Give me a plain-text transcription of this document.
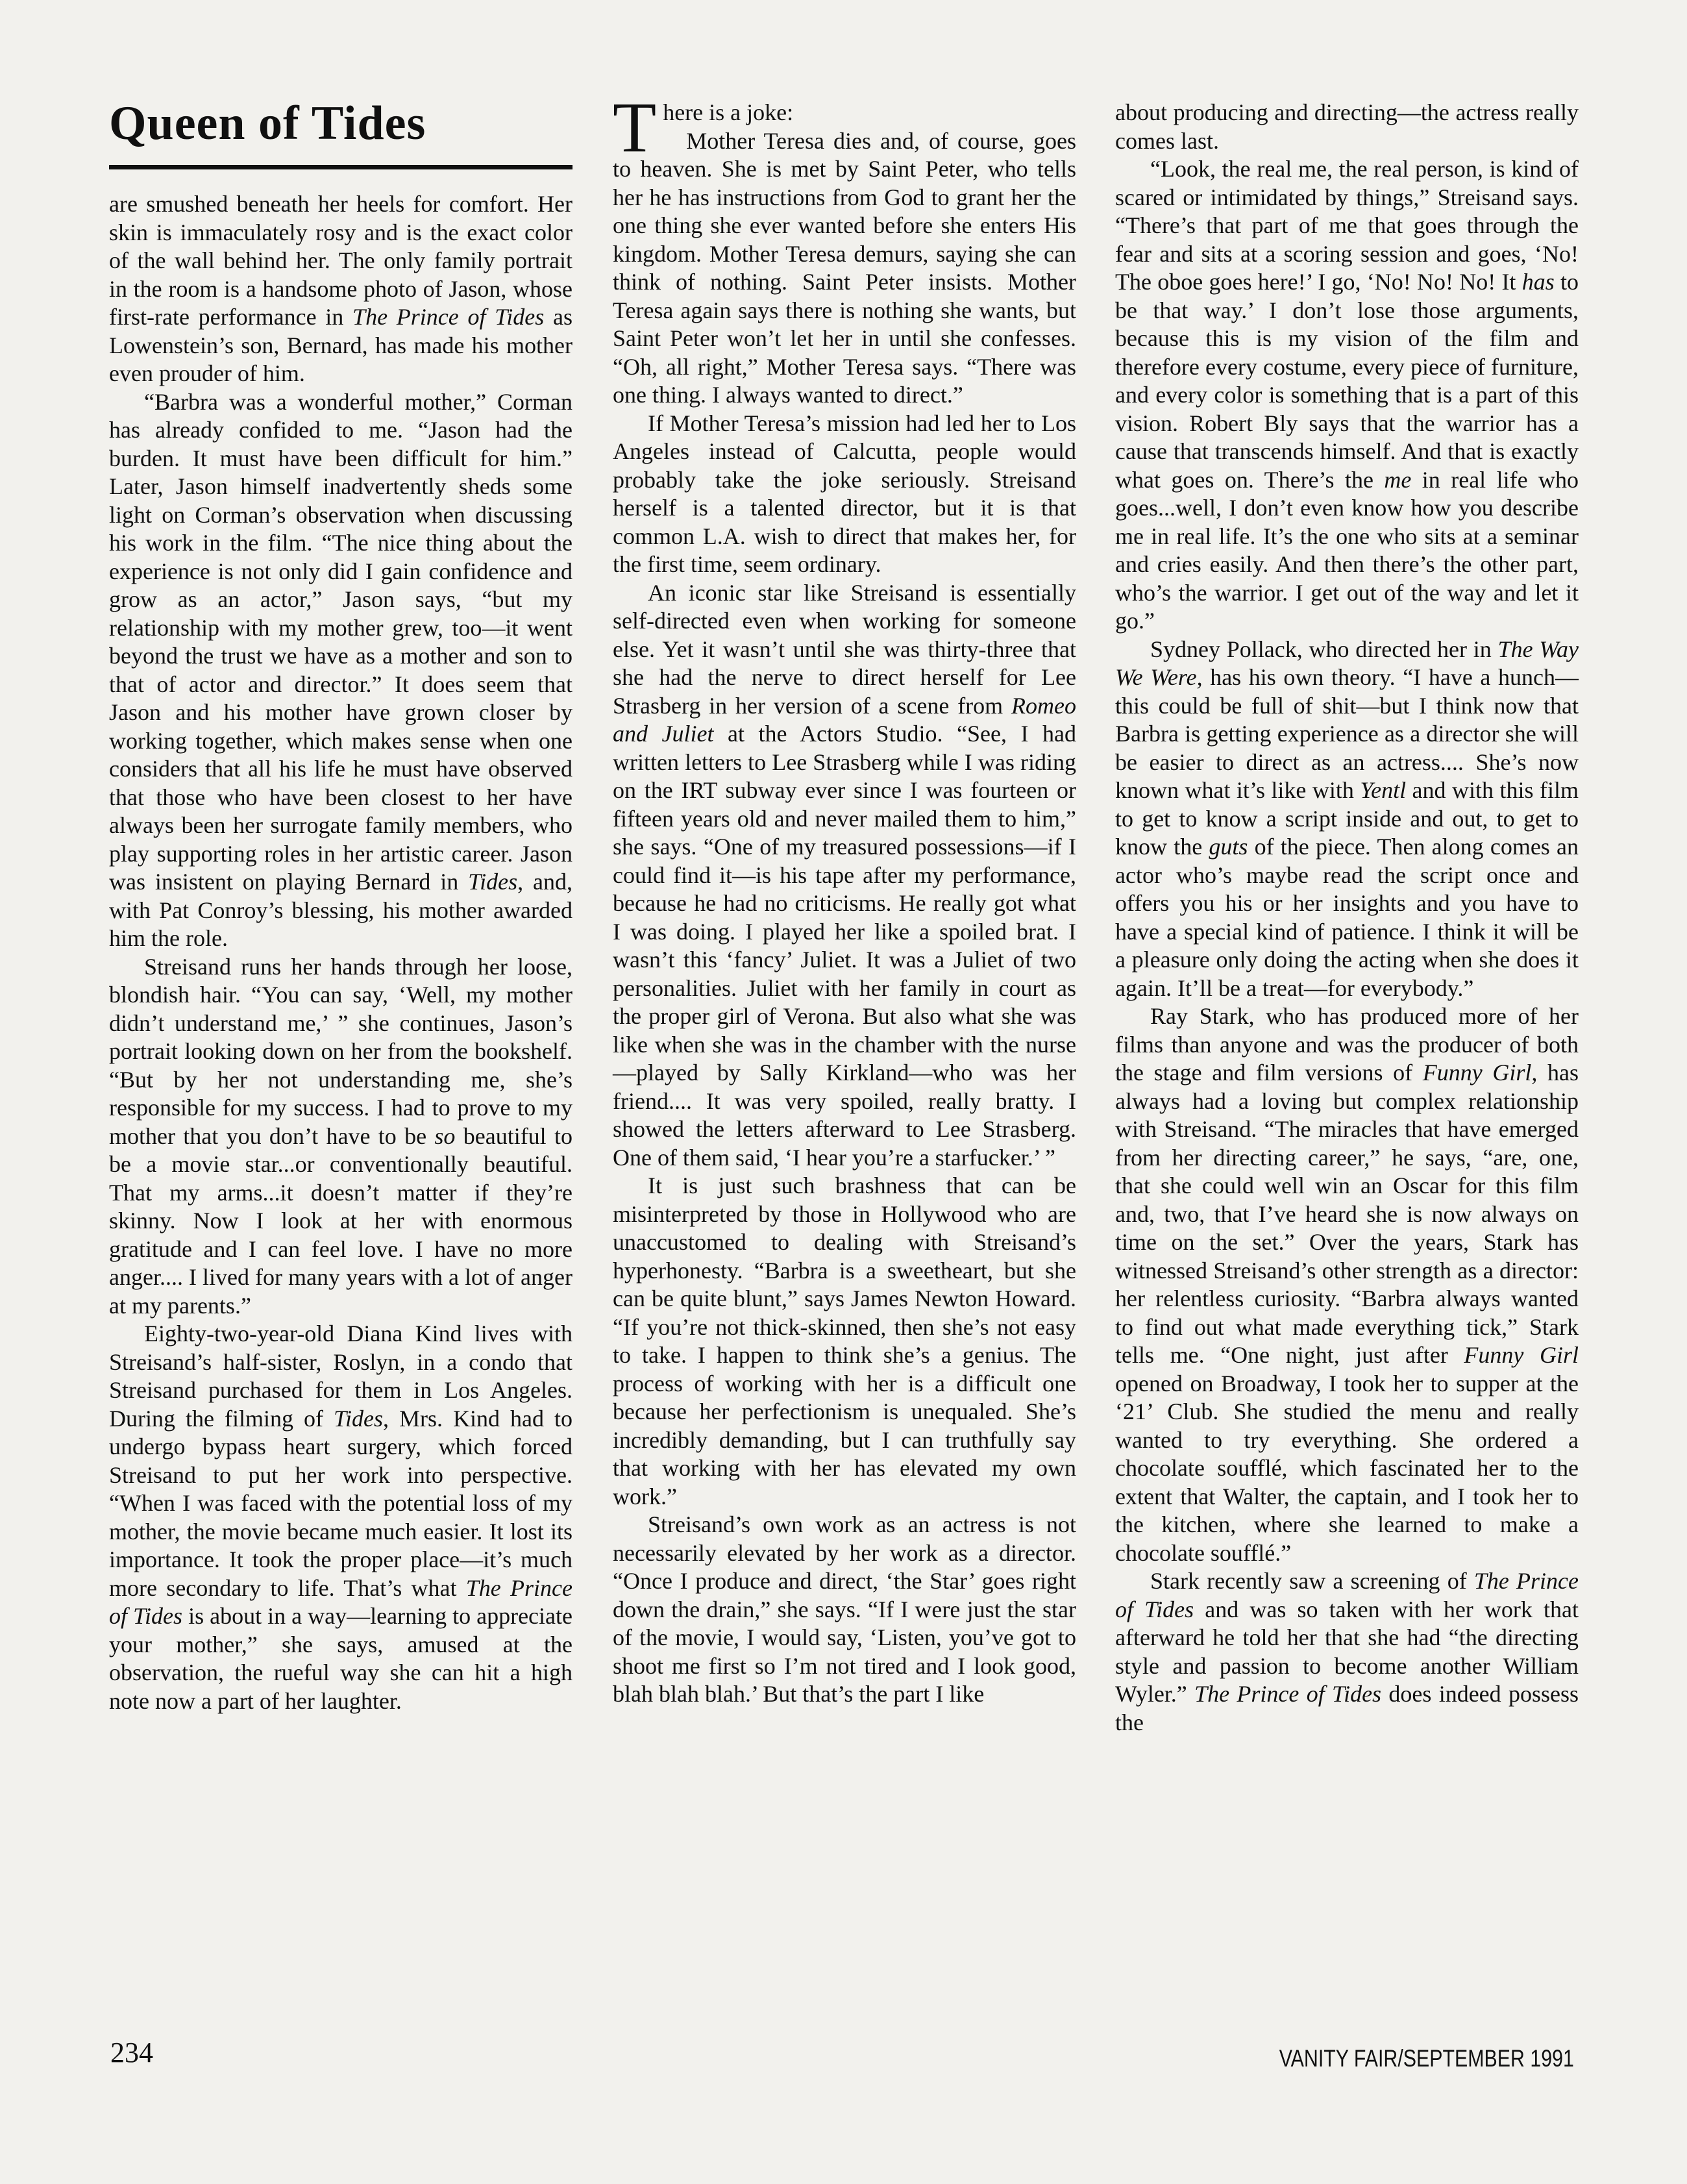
Queen of Tides

are smushed beneath her heels for comfort. Her skin is immaculately rosy and is the exact color of the wall behind her. The only family portrait in the room is a handsome photo of Jason, whose first-rate performance in The Prince of Tides as Lowenstein’s son, Bernard, has made his mother even prouder of him.

“Barbra was a wonderful mother,” Corman has already confided to me. “Jason had the burden. It must have been difficult for him.” Later, Jason himself inadvertently sheds some light on Corman’s observation when discussing his work in the film. “The nice thing about the experience is not only did I gain confidence and grow as an actor,” Jason says, “but my relationship with my mother grew, too—it went beyond the trust we have as a mother and son to that of actor and director.” It does seem that Jason and his mother have grown closer by working together, which makes sense when one considers that all his life he must have observed that those who have been closest to her have always been her surrogate family members, who play supporting roles in her artistic career. Jason was insistent on playing Bernard in Tides, and, with Pat Conroy’s blessing, his mother awarded him the role.

Streisand runs her hands through her loose, blondish hair. “You can say, ‘Well, my mother didn’t understand me,’ ” she continues, Jason’s portrait looking down on her from the bookshelf. “But by her not understanding me, she’s responsible for my success. I had to prove to my mother that you don’t have to be so beautiful to be a movie star...or conventionally beautiful. That my arms...it doesn’t matter if they’re skinny. Now I look at her with enormous gratitude and I can feel love. I have no more anger.... I lived for many years with a lot of anger at my parents.”

Eighty-two-year-old Diana Kind lives with Streisand’s half-sister, Roslyn, in a condo that Streisand purchased for them in Los Angeles. During the filming of Tides, Mrs. Kind had to undergo bypass heart surgery, which forced Streisand to put her work into perspective. “When I was faced with the potential loss of my mother, the movie became much easier. It lost its importance. It took the proper place—it’s much more secondary to life. That’s what The Prince of Tides is about in a way—learning to appreciate your mother,” she says, amused at the observation, the rueful way she can hit a high note now a part of her laughter.

There is a joke:
 Mother Teresa dies and, of course, goes to heaven. She is met by Saint Peter, who tells her he has instructions from God to grant her the one thing she ever wanted before she enters His kingdom. Mother Teresa demurs, saying she can think of nothing. Saint Peter insists. Mother Teresa again says there is nothing she wants, but Saint Peter won’t let her in until she confesses. “Oh, all right,” Mother Teresa says. “There was one thing. I always wanted to direct.”

If Mother Teresa’s mission had led her to Los Angeles instead of Calcutta, people would probably take the joke seriously. Streisand herself is a talented director, but it is that common L.A. wish to direct that makes her, for the first time, seem ordinary.

An iconic star like Streisand is essentially self-directed even when working for someone else. Yet it wasn’t until she was thirty-three that she had the nerve to direct herself for Lee Strasberg in her version of a scene from Romeo and Juliet at the Actors Studio. “See, I had written letters to Lee Strasberg while I was riding on the IRT subway ever since I was fourteen or fifteen years old and never mailed them to him,” she says. “One of my treasured possessions—if I could find it—is his tape after my performance, because he had no criticisms. He really got what I was doing. I played her like a spoiled brat. I wasn’t this ‘fancy’ Juliet. It was a Juliet of two personalities. Juliet with her family in court as the proper girl of Verona. But also what she was like when she was in the chamber with the nurse—played by Sally Kirkland—who was her friend.... It was very spoiled, really bratty. I showed the letters afterward to Lee Strasberg. One of them said, ‘I hear you’re a starfucker.’ ”

It is just such brashness that can be misinterpreted by those in Hollywood who are unaccustomed to dealing with Streisand’s hyperhonesty. “Barbra is a sweetheart, but she can be quite blunt,” says James Newton Howard. “If you’re not thick-skinned, then she’s not easy to take. I happen to think she’s a genius. The process of working with her is a difficult one because her perfectionism is unequaled. She’s incredibly demanding, but I can truthfully say that working with her has elevated my own work.”

Streisand’s own work as an actress is not necessarily elevated by her work as a director. “Once I produce and direct, ‘the Star’ goes right down the drain,” she says. “If I were just the star of the movie, I would say, ‘Listen, you’ve got to shoot me first so I’m not tired and I look good, blah blah blah.’ But that’s the part I like

about producing and directing—the actress really comes last.

“Look, the real me, the real person, is kind of scared or intimidated by things,” Streisand says. “There’s that part of me that goes through the fear and sits at a scoring session and goes, ‘No! The oboe goes here!’ I go, ‘No! No! No! It has to be that way.’ I don’t lose those arguments, because this is my vision of the film and therefore every costume, every piece of furniture, and every color is something that is a part of this vision. Robert Bly says that the warrior has a cause that transcends himself. And that is exactly what goes on. There’s the me in real life who goes...well, I don’t even know how you describe me in real life. It’s the one who sits at a seminar and cries easily. And then there’s the other part, who’s the warrior. I get out of the way and let it go.”

Sydney Pollack, who directed her in The Way We Were, has his own theory. “I have a hunch—this could be full of shit—but I think now that Barbra is getting experience as a director she will be easier to direct as an actress.... She’s now known what it’s like with Yentl and with this film to get to know a script inside and out, to get to know the guts of the piece. Then along comes an actor who’s maybe read the script once and offers you his or her insights and you have to have a special kind of patience. I think it will be a pleasure only doing the acting when she does it again. It’ll be a treat—for everybody.”

Ray Stark, who has produced more of her films than anyone and was the producer of both the stage and film versions of Funny Girl, has always had a loving but complex relationship with Streisand. “The miracles that have emerged from her directing career,” he says, “are, one, that she could well win an Oscar for this film and, two, that I’ve heard she is now always on time on the set.” Over the years, Stark has witnessed Streisand’s other strength as a director: her relentless curiosity. “Barbra always wanted to find out what made everything tick,” Stark tells me. “One night, just after Funny Girl opened on Broadway, I took her to supper at the ‘21’ Club. She studied the menu and really wanted to try everything. She ordered a chocolate soufflé, which fascinated her to the extent that Walter, the captain, and I took her to the kitchen, where she learned to make a chocolate soufflé.”

Stark recently saw a screening of The Prince of Tides and was so taken with her work that afterward he told her that she had “the directing style and passion to become another William Wyler.” The Prince of Tides does indeed possess the

234	VANITY FAIR/SEPTEMBER 1991
